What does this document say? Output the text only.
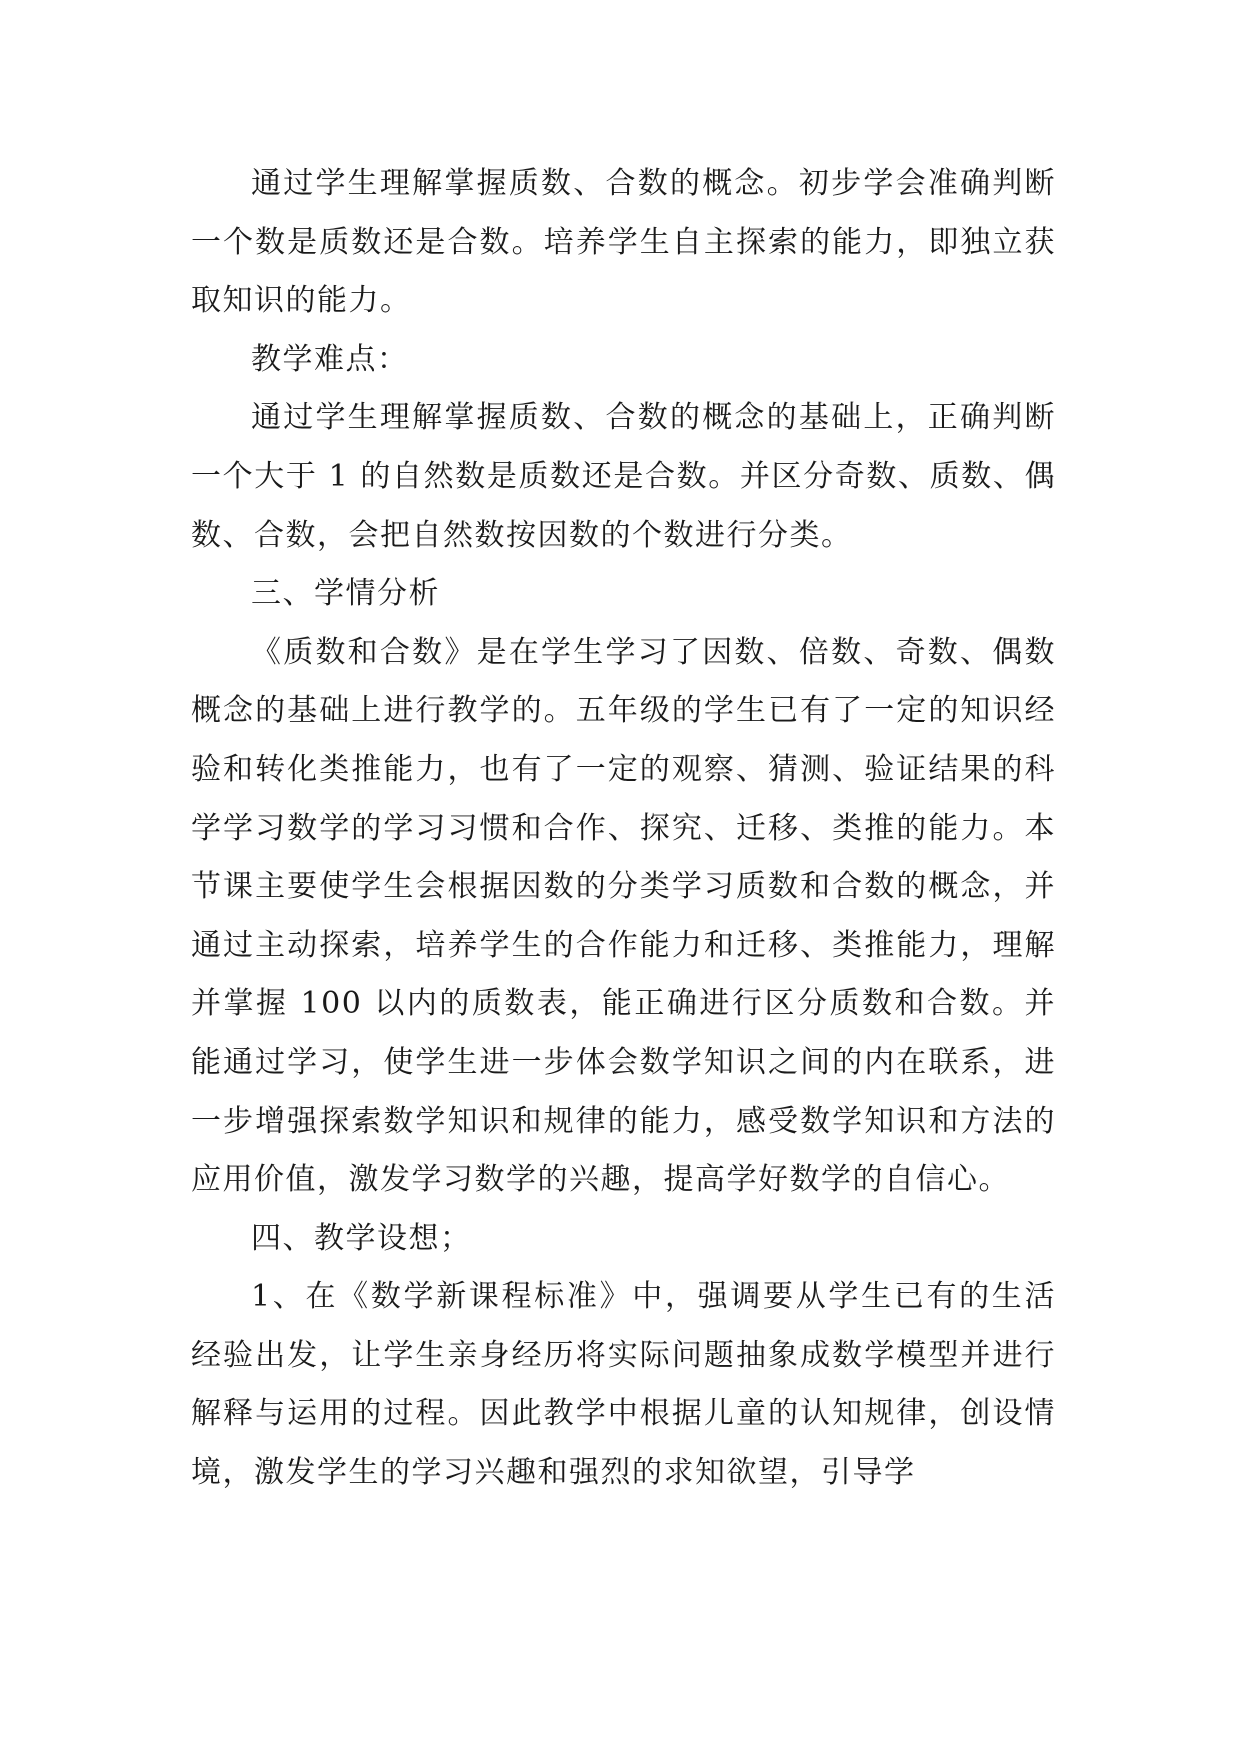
通过学生理解掌握质数、合数的概念。初步学会准确判断一个数是质数还是合数。培养学生自主探索的能力，即独立获取知识的能力。

教学难点：

通过学生理解掌握质数、合数的概念的基础上，正确判断一个大于 1 的自然数是质数还是合数。并区分奇数、质数、偶数、合数，会把自然数按因数的个数进行分类。

三、学情分析

《质数和合数》是在学生学习了因数、倍数、奇数、偶数概念的基础上进行教学的。五年级的学生已有了一定的知识经验和转化类推能力，也有了一定的观察、猜测、验证结果的科学学习数学的学习习惯和合作、探究、迁移、类推的能力。本节课主要使学生会根据因数的分类学习质数和合数的概念，并通过主动探索，培养学生的合作能力和迁移、类推能力，理解并掌握 100 以内的质数表，能正确进行区分质数和合数。并能通过学习，使学生进一步体会数学知识之间的内在联系，进一步增强探索数学知识和规律的能力，感受数学知识和方法的应用价值，激发学习数学的兴趣，提高学好数学的自信心。

四、教学设想；

1、在《数学新课程标准》中，强调要从学生已有的生活经验出发，让学生亲身经历将实际问题抽象成数学模型并进行解释与运用的过程。因此教学中根据儿童的认知规律，创设情境，激发学生的学习兴趣和强烈的求知欲望，引导学
